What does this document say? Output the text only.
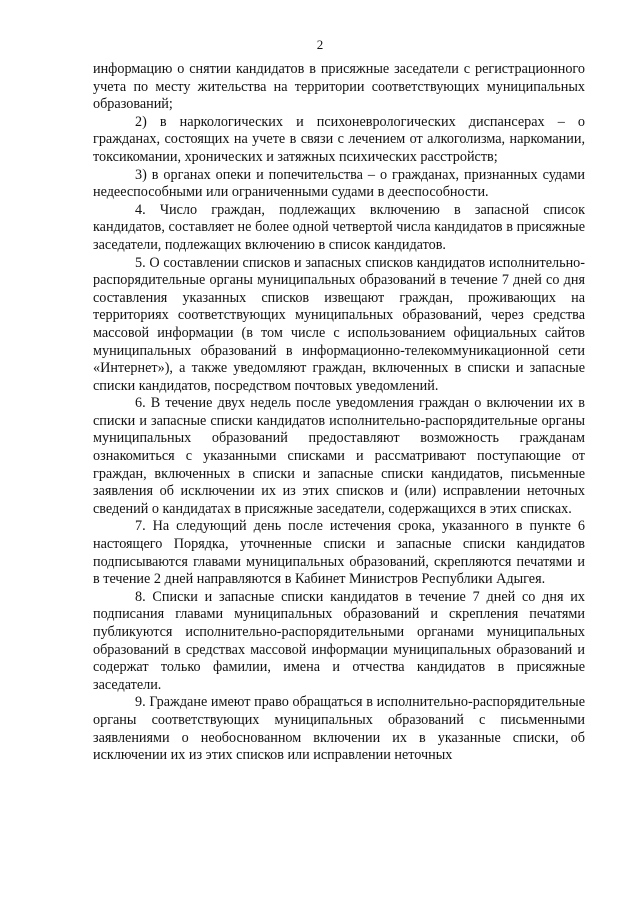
2

информацию о снятии кандидатов в присяжные заседатели с регистрационного учета по месту жительства на территории соответствующих муниципальных образований;

2) в наркологических и психоневрологических диспансерах – о гражданах, состоящих на учете в связи с лечением от алкоголизма, наркомании, токсикомании, хронических и затяжных психических расстройств;

3) в органах опеки и попечительства – о гражданах, признанных судами недееспособными или ограниченными судами в дееспособности.

4. Число граждан, подлежащих включению в запасной список кандидатов, составляет не более одной четвертой числа кандидатов в присяжные заседатели, подлежащих включению в список кандидатов.

5. О составлении списков и запасных списков кандидатов исполнительно-распорядительные органы муниципальных образований в течение 7 дней со дня составления указанных списков извещают граждан, проживающих на территориях соответствующих муниципальных образований, через средства массовой информации (в том числе с использованием официальных сайтов муниципальных образований в информационно-телекоммуникационной сети «Интернет»), а также уведомляют граждан, включенных в списки и запасные списки кандидатов, посредством почтовых уведомлений.

6. В течение двух недель после уведомления граждан о включении их в списки и запасные списки кандидатов исполнительно-распорядительные органы муниципальных образований предоставляют возможность гражданам ознакомиться с указанными списками и рассматривают поступающие от граждан, включенных в списки и запасные списки кандидатов, письменные заявления об исключении их из этих списков и (или) исправлении неточных сведений о кандидатах в присяжные заседатели, содержащихся в этих списках.

7. На следующий день после истечения срока, указанного в пункте 6 настоящего Порядка, уточненные списки и запасные списки кандидатов подписываются главами муниципальных образований, скрепляются печатями и в течение 2 дней направляются в Кабинет Министров Республики Адыгея.

8. Списки и запасные списки кандидатов в течение 7 дней со дня их подписания главами муниципальных образований и скрепления печатями публикуются исполнительно-распорядительными органами муниципальных образований в средствах массовой информации муниципальных образований и содержат только фамилии, имена и отчества кандидатов в присяжные заседатели.

9. Граждане имеют право обращаться в исполнительно-распорядительные органы соответствующих муниципальных образований с письменными заявлениями о необоснованном включении их в указанные списки, об исключении их из этих списков или исправлении неточных
